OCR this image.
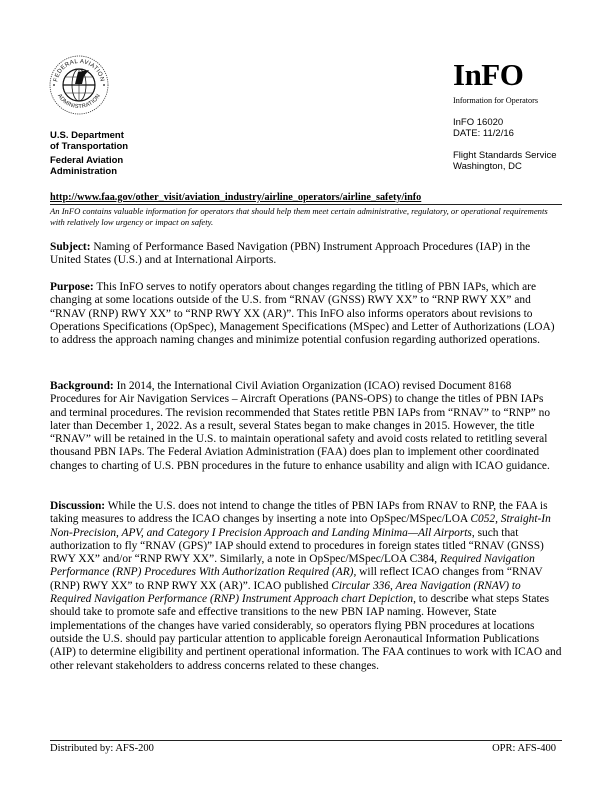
FEDERAL AVIATION
ADMINISTRATION
U.S. Department
of Transportation
Federal Aviation
Administration
InFO
Information for Operators
InFO 16020
DATE: 11/2/16
Flight Standards Service
Washington, DC
http://www.faa.gov/other_visit/aviation_industry/airline_operators/airline_safety/info
An InFO contains valuable information for operators that should help them meet certain administrative, regulatory, or operational requirements with relatively low urgency or impact on safety.
Subject: Naming of Performance Based Navigation (PBN) Instrument Approach Procedures (IAP) in the United States (U.S.) and at International Airports.
Purpose: This InFO serves to notify operators about changes regarding the titling of PBN IAPs, which are changing at some locations outside of the U.S. from “RNAV (GNSS) RWY XX” to “RNP RWY XX” and “RNAV (RNP) RWY XX” to “RNP RWY XX (AR)”. This InFO also informs operators about revisions to Operations Specifications (OpSpec), Management Specifications (MSpec) and Letter of Authorizations (LOA) to address the approach naming changes and minimize potential confusion regarding authorized operations.
Background: In 2014, the International Civil Aviation Organization (ICAO) revised Document 8168 Procedures for Air Navigation Services – Aircraft Operations (PANS-OPS) to change the titles of PBN IAPs and terminal procedures. The revision recommended that States retitle PBN IAPs from “RNAV” to “RNP” no later than December 1, 2022. As a result, several States began to make changes in 2015. However, the title “RNAV” will be retained in the U.S. to maintain operational safety and avoid costs related to retitling several thousand PBN IAPs. The Federal Aviation Administration (FAA) does plan to implement other coordinated changes to charting of U.S. PBN procedures in the future to enhance usability and align with ICAO guidance.
Discussion: While the U.S. does not intend to change the titles of PBN IAPs from RNAV to RNP, the FAA is taking measures to address the ICAO changes by inserting a note into OpSpec/MSpec/LOA C052, Straight-In Non-Precision, APV, and Category I Precision Approach and Landing Minima—All Airports, such that authorization to fly “RNAV (GPS)” IAP should extend to procedures in foreign states titled “RNAV (GNSS) RWY XX” and/or “RNP RWY XX”. Similarly, a note in OpSpec/MSpec/LOA C384, Required Navigation Performance (RNP) Procedures With Authorization Required (AR), will reflect ICAO changes from “RNAV (RNP) RWY XX” to RNP RWY XX (AR)”. ICAO published Circular 336, Area Navigation (RNAV) to Required Navigation Performance (RNP) Instrument Approach chart Depiction, to describe what steps States should take to promote safe and effective transitions to the new PBN IAP naming. However, State implementations of the changes have varied considerably, so operators flying PBN procedures at locations outside the U.S. should pay particular attention to applicable foreign Aeronautical Information Publications (AIP) to determine eligibility and pertinent operational information. The FAA continues to work with ICAO and other relevant stakeholders to address concerns related to these changes.
Distributed by: AFS-200	OPR: AFS-400
